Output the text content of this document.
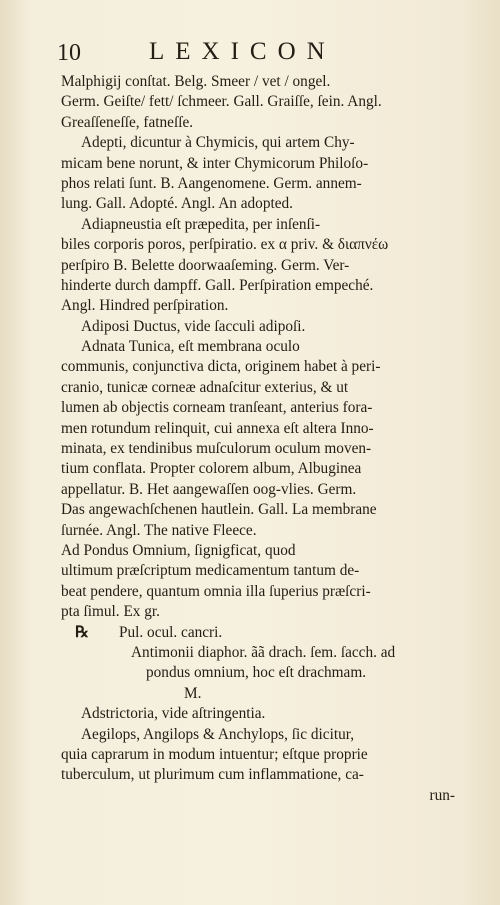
10	LEXICON
Malphigij conſtat. Belg. Smeer / vet / ongel.
Germ. Geiſte/ fett/ ſchmeer. Gall. Graiſſe, ſein. Angl.
Greaſſeneſſe, fatneſſe.
Adepti, dicuntur à Chymicis, qui artem Chy-
micam bene norunt, & inter Chymicorum Philoſo-
phos relati ſunt. B. Aangenomene. Germ. annem-
lung. Gall. Adopté. Angl. An adopted.
Adiapneustia eſt præpedita, per inſenſi-
biles corporis poros, perſpiratio. ex α priv. & διαπνέω
perſpiro B. Belette doorwaaſeming. Germ. Ver-
hinderte durch dampff. Gall. Perſpiration empeché.
Angl. Hindred perſpiration.
Adiposi Ductus, vide ſacculi adipoſi.
Adnata Tunica, eſt membrana oculo
communis, conjunctiva dicta, originem habet à peri-
cranio, tunicæ corneæ adnaſcitur exterius, & ut
lumen ab objectis corneam tranſeant, anterius fora-
men rotundum relinquit, cui annexa eſt altera Inno-
minata, ex tendinibus muſculorum oculum moven-
tium conflata. Propter colorem album, Albuginea
appellatur. B. Het aangewaſſen oog-vlies. Germ.
Das angewachſchenen hautlein. Gall. La membrane
ſurnée. Angl. The native Fleece.
Ad Pondus Omnium, ſignigficat, quod
ultimum præſcriptum medicamentum tantum de-
beat pendere, quantum omnia illa ſuperius præſcri-
pta ſimul. Ex gr.
℞ Pul. ocul. cancri.
Antimonii diaphor. ãã drach. ſem. ſacch. ad
pondus omnium, hoc eſt drachmam.
M.
Adstrictoria, vide aſtringentia.
Aegilops, Angilops & Anchylops, ſic dicitur,
quia caprarum in modum intuentur; eſtque proprie
tuberculum, ut plurimum cum inflammatione, ca-
run-
